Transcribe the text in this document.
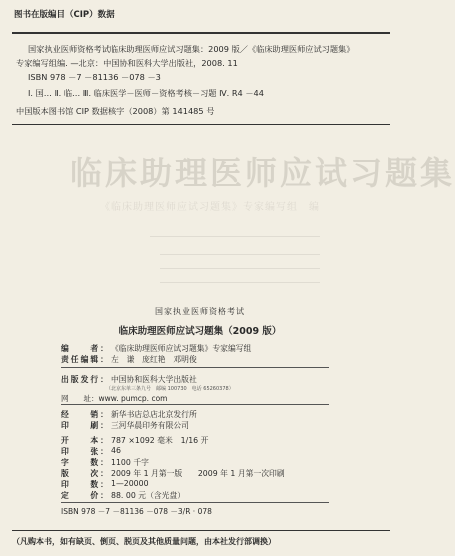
临床助理医师应试习题集
《临床助理医师应试习题集》专家编写组　编
图书在版编目（CIP）数据
国家执业医师资格考试临床助理医师应试习题集：2009 版／《临床助理医师应试习题集》
专家编写组编. —北京：中国协和医科大学出版社，2008. 11
ISBN 978 －7 －81136 －078 －3
Ⅰ. 国… Ⅱ. 临… Ⅲ. 临床医学－医师－资格考核－习题 Ⅳ. R4 －44
中国版本图书馆 CIP 数据核字（2008）第 141485 号
国家执业医师资格考试
临床助理医师应试习题集（2009 版）
编　　者： 《临床助理医师应试习题集》专家编写组
责任编辑： 左　谦　庞红艳　邓明俊
出版发行： 中国协和医科大学出版社
（北京东单三条九号　邮编 100730　电话 65260378）
网　　址：www. pumcp. com
经　　销： 新华书店总店北京发行所
印　　刷： 三河华晨印务有限公司
开　　本： 787 ×1092 毫米　1/16 开
印　　张： 46
字　　数： 1100 千字
版　　次： 2009 年 1 月第一版　　2009 年 1 月第一次印刷
印　　数： 1—20000
定　　价： 88. 00 元（含光盘）
ISBN 978 －7 －81136 －078 －3/R · 078
（凡购本书，如有缺页、倒页、脱页及其他质量问题，由本社发行部调换）
